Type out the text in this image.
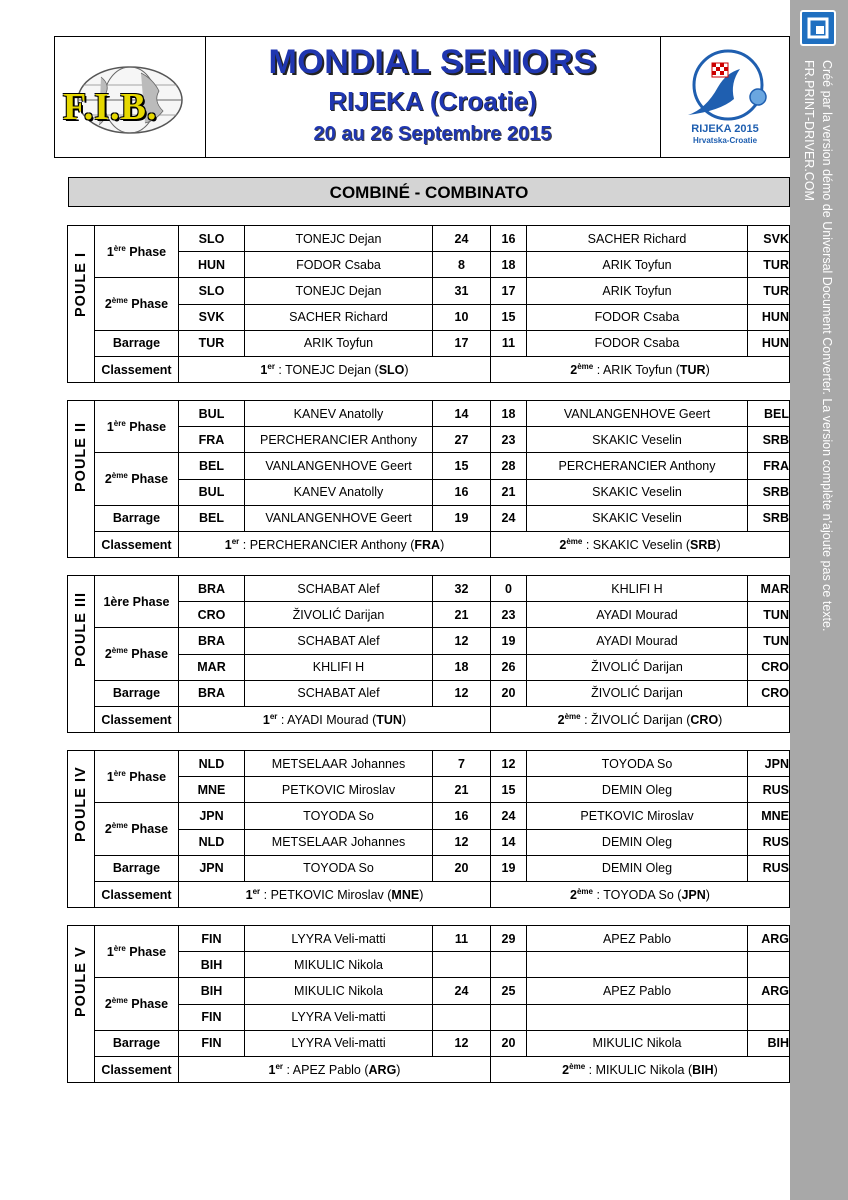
F.I.B.
MONDIAL SENIORS
RIJEKA (Croatie)
20 au 26 Septembre 2015	RIJEKA 2015
Hrvatska-Croatie
COMBINÉ - COMBINATO
POULE I	1ère Phase	SLO	TONEJC Dejan	24	16	SACHER Richard	SVK
		HUN	FODOR Csaba	8	18	ARIK Toyfun	TUR
	2ème Phase	SLO	TONEJC Dejan	31	17	ARIK Toyfun	TUR
		SVK	SACHER Richard	10	15	FODOR Csaba	HUN
	Barrage	TUR	ARIK Toyfun	17	11	FODOR Csaba	HUN
	Classement	1er : TONEJC Dejan (SLO)			2ème : ARIK Toyfun (TUR)		
POULE II	1ère Phase	BUL	KANEV Anatolly	14	18	VANLANGENHOVE Geert	BEL
		FRA	PERCHERANCIER Anthony	27	23	SKAKIC Veselin	SRB
	2ème Phase	BEL	VANLANGENHOVE Geert	15	28	PERCHERANCIER Anthony	FRA
		BUL	KANEV Anatolly	16	21	SKAKIC Veselin	SRB
	Barrage	BEL	VANLANGENHOVE Geert	19	24	SKAKIC Veselin	SRB
	Classement	1er : PERCHERANCIER Anthony (FRA)			2ème : SKAKIC Veselin (SRB)		
POULE III	1ère Phase	BRA	SCHABAT Alef	32	0	KHLIFI H	MAR
		CRO	ŽIVOLIĆ Darijan	21	23	AYADI Mourad	TUN
	2ème Phase	BRA	SCHABAT Alef	12	19	AYADI Mourad	TUN
		MAR	KHLIFI H	18	26	ŽIVOLIĆ Darijan	CRO
	Barrage	BRA	SCHABAT Alef	12	20	ŽIVOLIĆ Darijan	CRO
	Classement	1er : AYADI Mourad (TUN)			2ème : ŽIVOLIĆ Darijan (CRO)		
POULE IV	1ère Phase	NLD	METSELAAR Johannes	7	12	TOYODA So	JPN
		MNE	PETKOVIC Miroslav	21	15	DEMIN Oleg	RUS
	2ème Phase	JPN	TOYODA So	16	24	PETKOVIC Miroslav	MNE
		NLD	METSELAAR Johannes	12	14	DEMIN Oleg	RUS
	Barrage	JPN	TOYODA So	20	19	DEMIN Oleg	RUS
	Classement	1er : PETKOVIC Miroslav (MNE)			2ème : TOYODA So (JPN)		
POULE V	1ère Phase	FIN	LYYRA Veli-matti	11	29	APEZ Pablo	ARG
		BIH	MIKULIC Nikola				
	2ème Phase	BIH	MIKULIC Nikola	24	25	APEZ Pablo	ARG
		FIN	LYYRA Veli-matti				
	Barrage	FIN	LYYRA Veli-matti	12	20	MIKULIC Nikola	BIH
	Classement	1er : APEZ Pablo (ARG)			2ème : MIKULIC Nikola (BIH)		
Créé par la version démo de Universal Document Converter. La version complète n'ajoute pas ce texte.
FR.PRINT-DRIVER.COM
